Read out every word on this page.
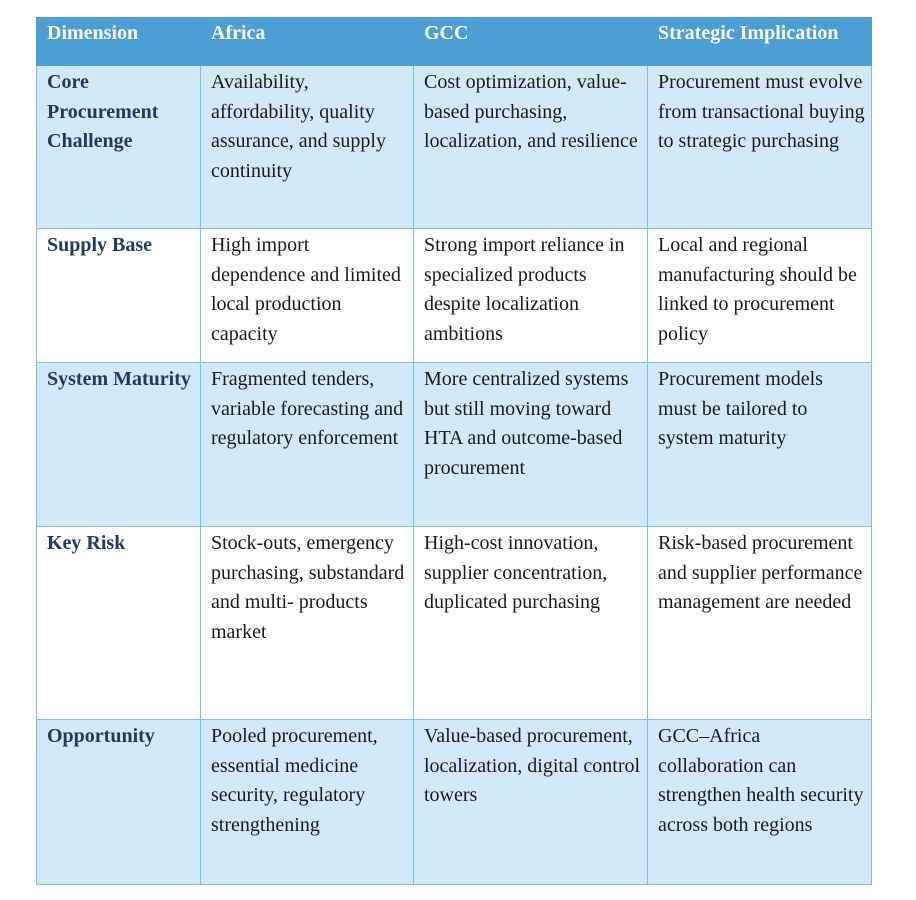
Dimension	Africa	GCC	Strategic Implication
Core Procurement Challenge	Availability, affordability, quality assurance, and supply continuity	Cost optimization, value-based purchasing, localization, and resilience	Procurement must evolve from transactional buying to strategic purchasing
Supply Base	High import dependence and limited local production capacity	Strong import reliance in specialized products despite localization ambitions	Local and regional manufacturing should be linked to procurement policy
System Maturity	Fragmented tenders, variable forecasting and regulatory enforcement	More centralized systems but still moving toward HTA and outcome-based procurement	Procurement models must be tailored to system maturity
Key Risk	Stock-outs, emergency purchasing, substandard and multi- products market	High-cost innovation, supplier concentration, duplicated purchasing	Risk-based procurement and supplier performance management are needed
Opportunity	Pooled procurement, essential medicine security, regulatory strengthening	Value-based procurement, localization, digital control towers	GCC–Africa collaboration can strengthen health security across both regions
